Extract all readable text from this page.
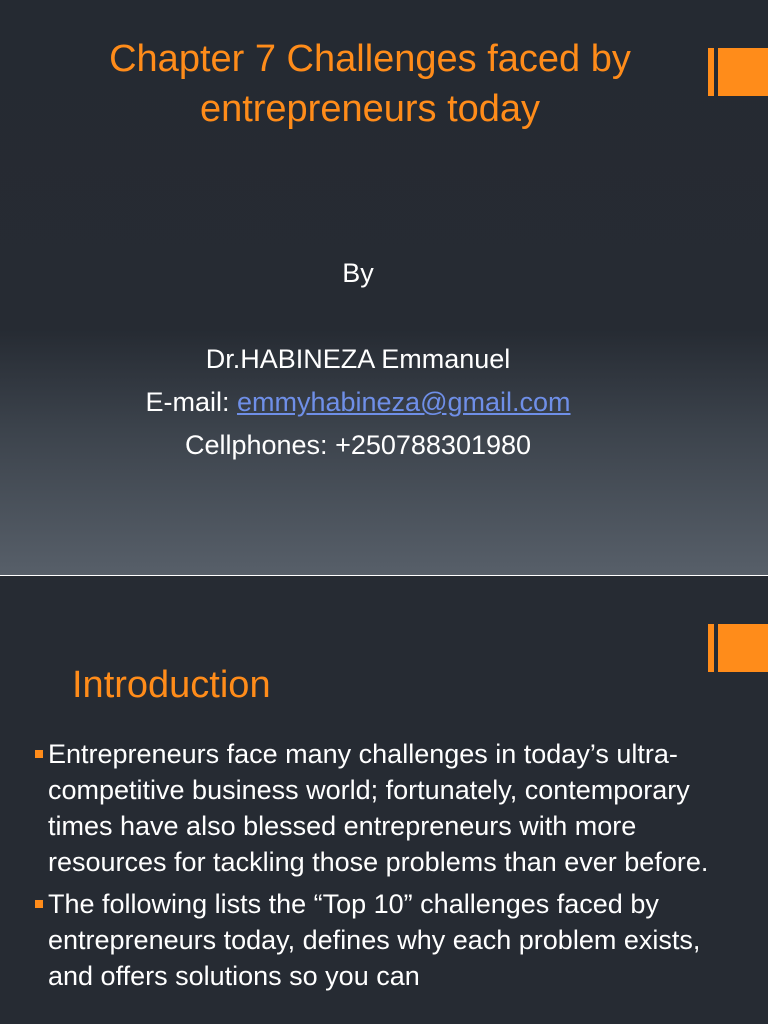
Chapter 7 Challenges faced by entrepreneurs today
By
Dr.HABINEZA Emmanuel
E-mail: emmyhabineza@gmail.com
Cellphones: +250788301980
Introduction
Entrepreneurs face many challenges in today’s ultra-competitive business world; fortunately, contemporary times have also blessed entrepreneurs with more resources for tackling those problems than ever before.
The following lists the “Top 10” challenges faced by entrepreneurs today, defines why each problem exists, and offers solutions so you can
